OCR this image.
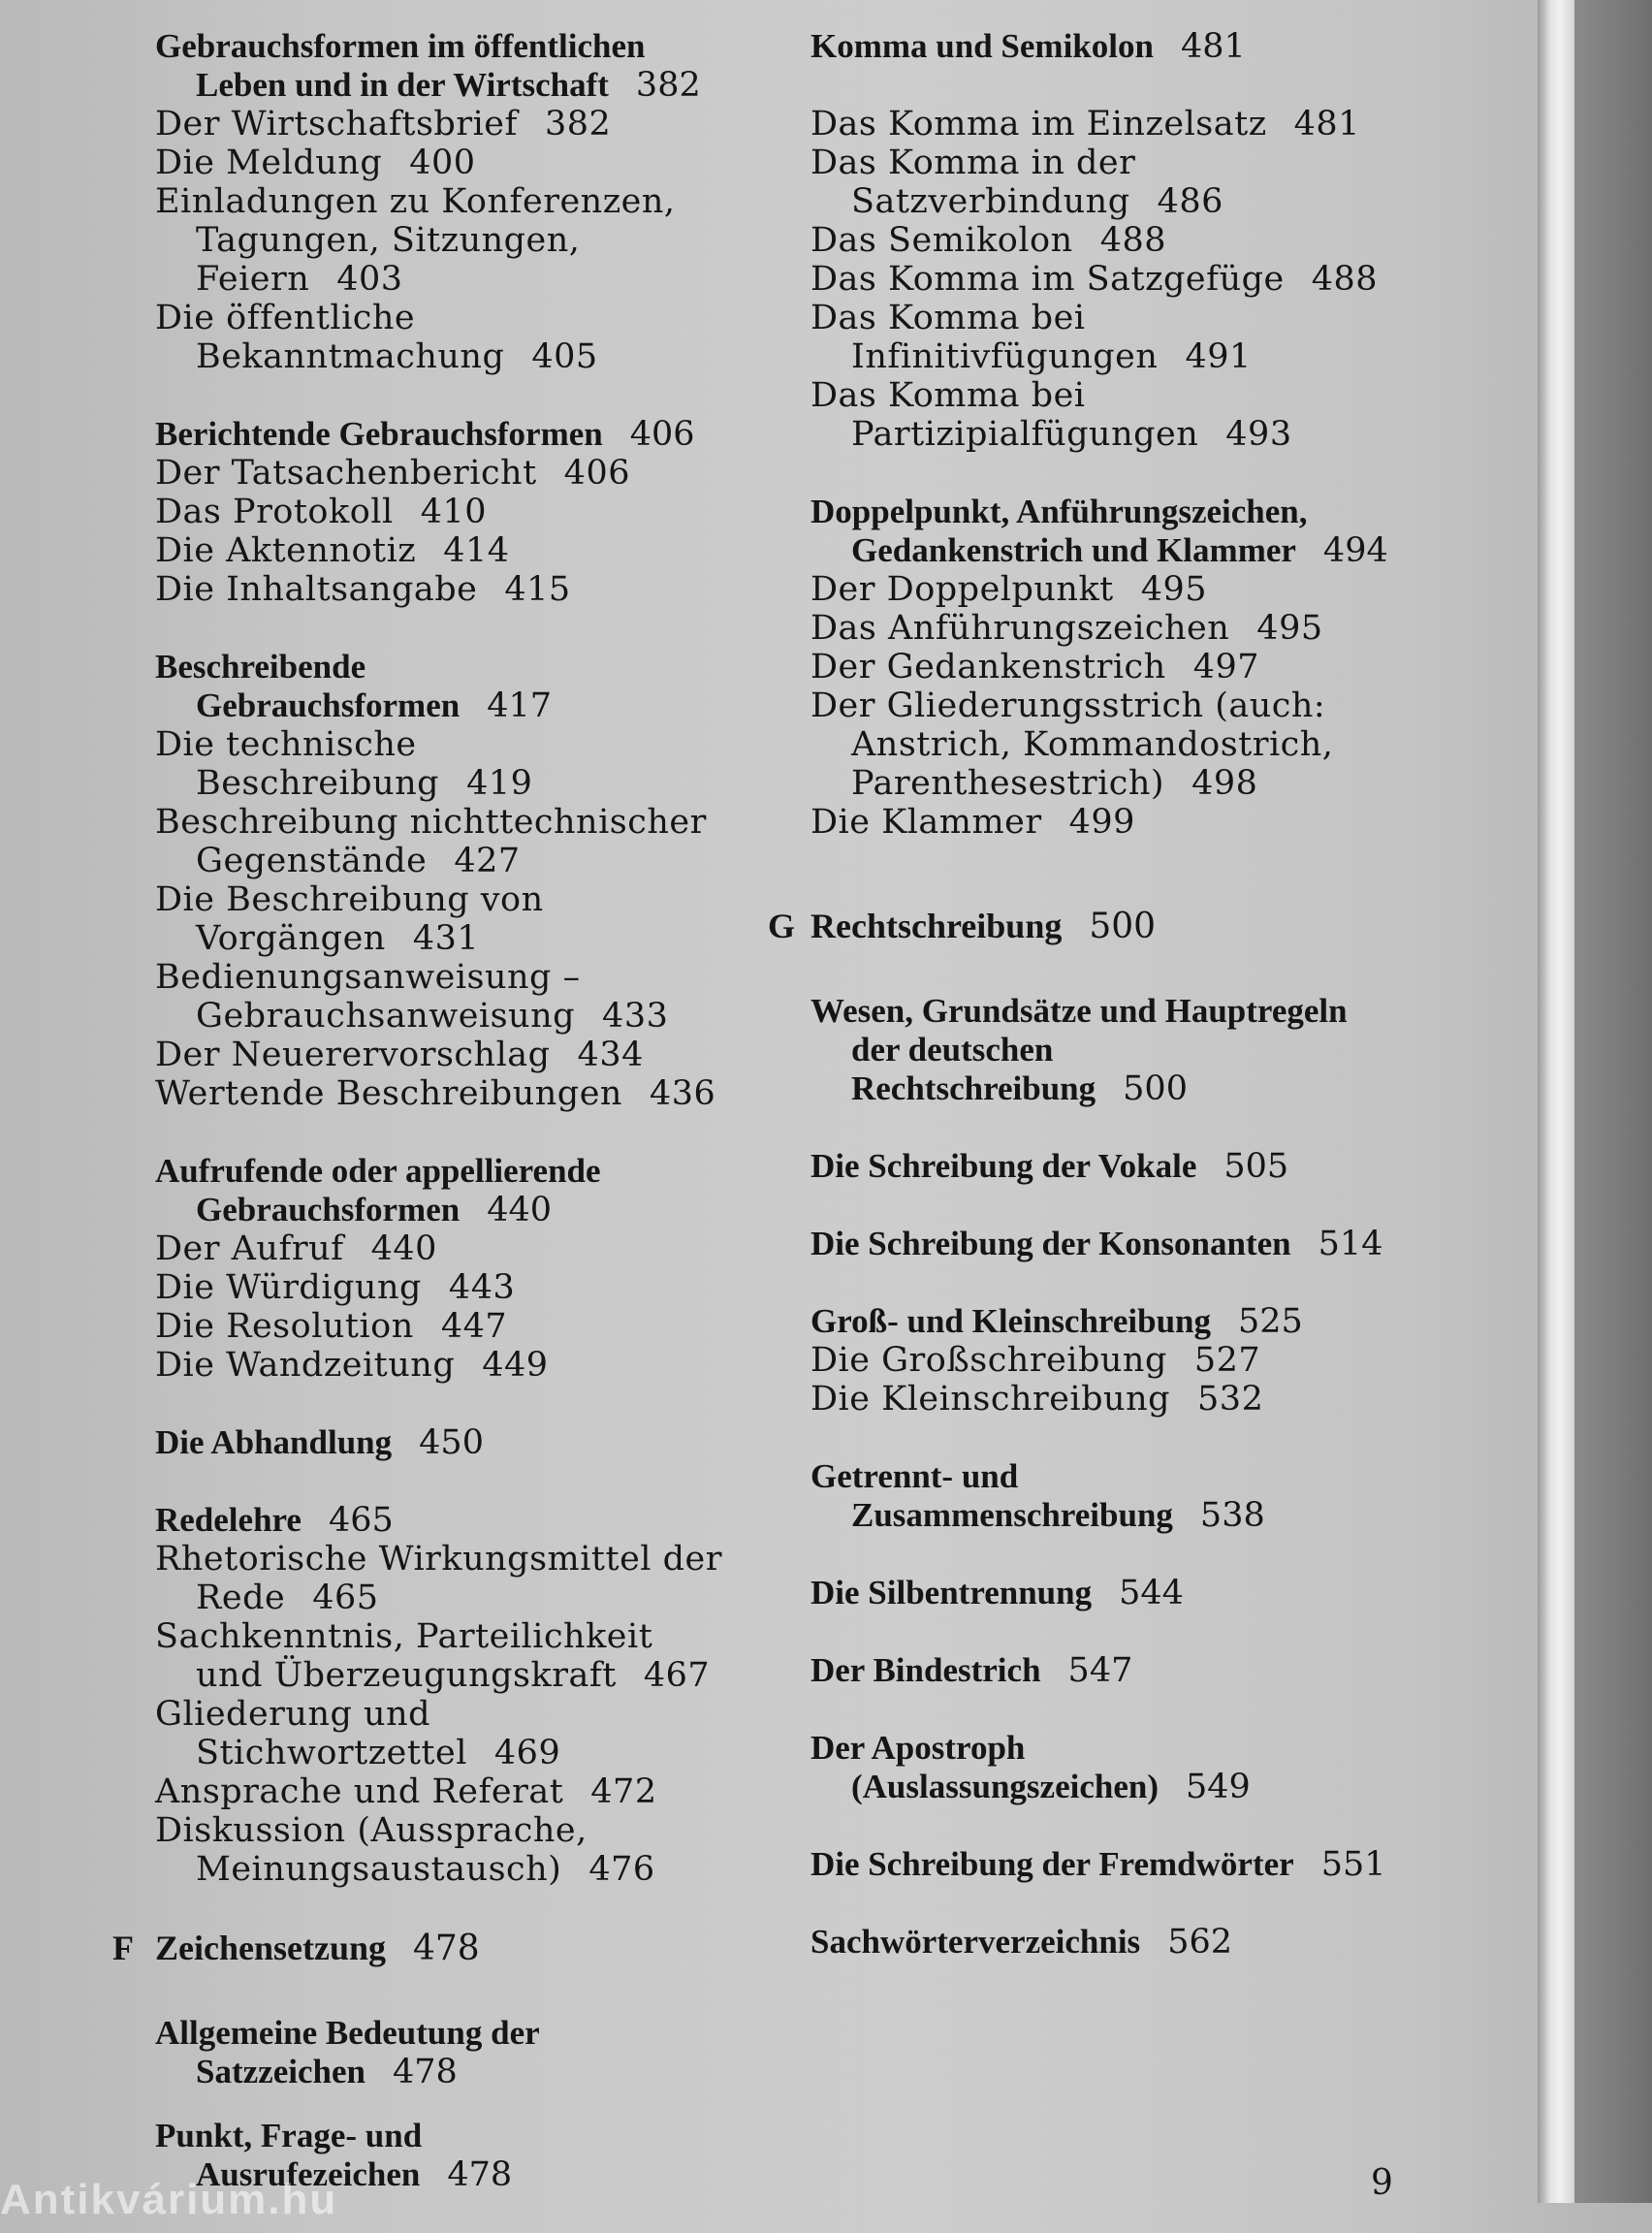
Gebrauchsformen im öffentlichen Leben und in der Wirtschaft 382
Der Wirtschaftsbrief 382
Die Meldung 400
Einladungen zu Konferenzen, Tagungen, Sitzungen, Feiern 403
Die öffentliche Bekanntmachung 405
Berichtende Gebrauchsformen 406
Der Tatsachenbericht 406
Das Protokoll 410
Die Aktennotiz 414
Die Inhaltsangabe 415
Beschreibende Gebrauchsformen 417
Die technische Beschreibung 419
Beschreibung nichttechnischer Gegenstände 427
Die Beschreibung von Vorgängen 431
Bedienungsanweisung – Gebrauchsanweisung 433
Der Neuerervorschlag 434
Wertende Beschreibungen 436
Aufrufende oder appellierende Gebrauchsformen 440
Der Aufruf 440
Die Würdigung 443
Die Resolution 447
Die Wandzeitung 449
Die Abhandlung 450
Redelehre 465
Rhetorische Wirkungsmittel der Rede 465
Sachkenntnis, Parteilichkeit und Überzeugungskraft 467
Gliederung und Stichwortzettel 469
Ansprache und Referat 472
Diskussion (Aussprache, Meinungsaustausch) 476
F Zeichensetzung 478
Allgemeine Bedeutung der Satzzeichen 478
Punkt, Frage- und Ausrufezeichen 478
Komma und Semikolon 481
Das Komma im Einzelsatz 481
Das Komma in der Satzverbindung 486
Das Semikolon 488
Das Komma im Satzgefüge 488
Das Komma bei Infinitivfügungen 491
Das Komma bei Partizipialfügungen 493
Doppelpunkt, Anführungszeichen, Gedankenstrich und Klammer 494
Der Doppelpunkt 495
Das Anführungszeichen 495
Der Gedankenstrich 497
Der Gliederungsstrich (auch: Anstrich, Kommandostrich, Parenthesestrich) 498
Die Klammer 499
G Rechtschreibung 500
Wesen, Grundsätze und Hauptregeln der deutschen Rechtschreibung 500
Die Schreibung der Vokale 505
Die Schreibung der Konsonanten 514
Groß- und Kleinschreibung 525
Die Großschreibung 527
Die Kleinschreibung 532
Getrennt- und Zusammenschreibung 538
Die Silbentrennung 544
Der Bindestrich 547
Der Apostroph (Auslassungszeichen) 549
Die Schreibung der Fremdwörter 551
Sachwörterverzeichnis 562
9
Antikvárium.hu
